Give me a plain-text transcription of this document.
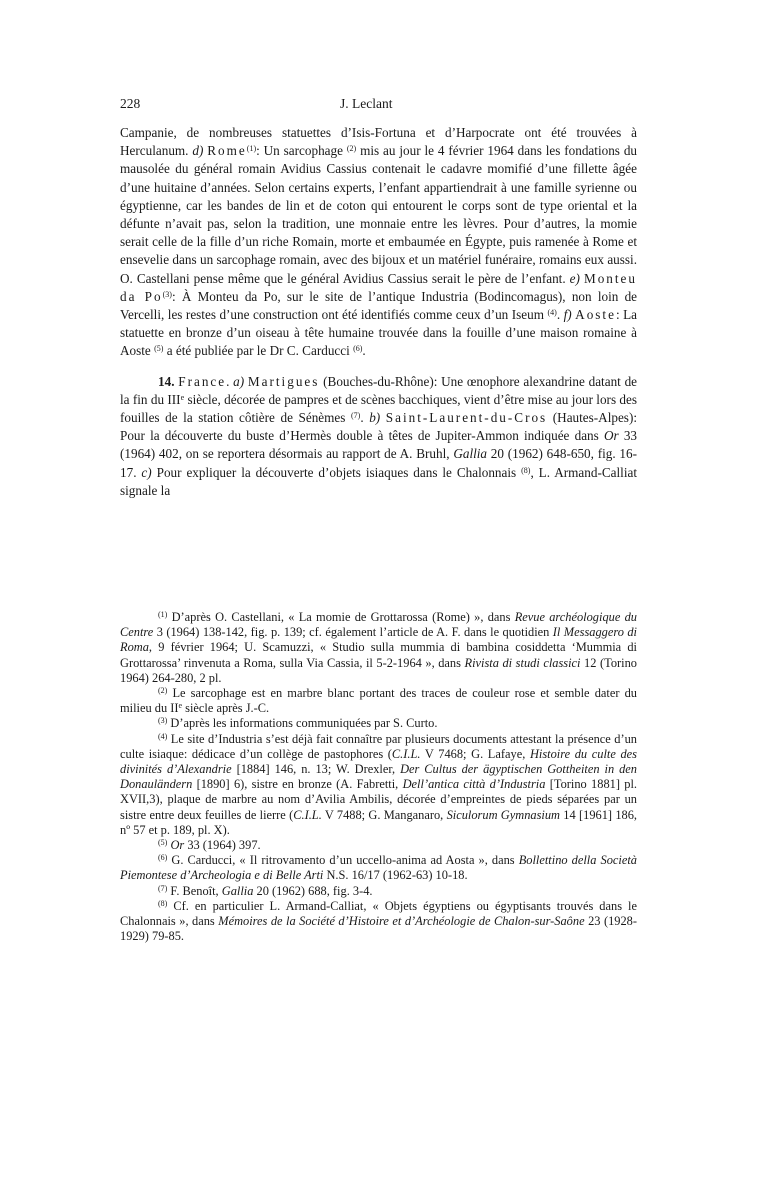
228	J. Leclant

Campanie, de nombreuses statuettes d’Isis-Fortuna et d’Harpocrate ont été trouvées à Herculanum. d) Rome$^{(1)}$: Un sarcophage $^{(2)}$ mis au jour le 4 février 1964 dans les fondations du mausolée du général romain Avidius Cassius contenait le cadavre momifié d’une fillette âgée d’une huitaine d’années. Selon certains experts, l’enfant appartiendrait à une famille syrienne ou égyptienne, car les bandes de lin et de coton qui entourent le corps sont de type oriental et la défunte n’avait pas, selon la tradition, une monnaie entre les lèvres. Pour d’autres, la momie serait celle de la fille d’un riche Romain, morte et embaumée en Égypte, puis ramenée à Rome et ensevelie dans un sarcophage romain, avec des bijoux et un matériel funéraire, romains eux aussi. O. Castellani pense même que le général Avidius Cassius serait le père de l’enfant. e) Monteu da Po$^{(3)}$: À Monteu da Po, sur le site de l’antique Industria (Bodincomagus), non loin de Vercelli, les restes d’une construction ont été identifiés comme ceux d’un Iseum $^{(4)}$. f) Aoste: La statuette en bronze d’un oiseau à tête humaine trouvée dans la fouille d’une maison romaine à Aoste $^{(5)}$ a été publiée par le Dr C. Carducci $^{(6)}$.

14. France. a) Martigues (Bouches-du-Rhône): Une œnophore alexandrine datant de la fin du IIIe siècle, décorée de pampres et de scènes bacchiques, vient d’être mise au jour lors des fouilles de la station côtière de Sénèmes $^{(7)}$. b) Saint-Laurent-du-Cros (Hautes-Alpes): Pour la découverte du buste d’Hermès double à têtes de Jupiter-Ammon indiquée dans Or 33 (1964) 402, on se reportera désormais au rapport de A. Bruhl, Gallia 20 (1962) 648-650, fig. 16-17. c) Pour expliquer la découverte d’objets isiaques dans le Chalonnais $^{(8)}$, L. Armand-Calliat signale la

$^{(1)}$ D’après O. Castellani, « La momie de Grottarossa (Rome) », dans Revue archéologique du Centre 3 (1964) 138-142, fig. p. 139; cf. également l’article de A. F. dans le quotidien Il Messaggero di Roma, 9 février 1964; U. Scamuzzi, « Studio sulla mummia di bambina cosiddetta ‘Mummia di Grottarossa’ rinvenuta a Roma, sulla Via Cassia, il 5-2-1964 », dans Rivista di studi classici 12 (Torino 1964) 264-280, 2 pl.

$^{(2)}$ Le sarcophage est en marbre blanc portant des traces de couleur rose et semble dater du milieu du IIe siècle après J.-C.

$^{(3)}$ D’après les informations communiquées par S. Curto.

$^{(4)}$ Le site d’Industria s’est déjà fait connaître par plusieurs documents attestant la présence d’un culte isiaque: dédicace d’un collège de pastophores (C.I.L. V 7468; G. Lafaye, Histoire du culte des divinités d’Alexandrie [1884] 146, n. 13; W. Drexler, Der Cultus der ägyptischen Gottheiten in den Donauländern [1890] 6), sistre en bronze (A. Fabretti, Dell’antica città d’Industria [Torino 1881] pl. XVII,3), plaque de marbre au nom d’Avilia Ambilis, décorée d’empreintes de pieds séparées par un sistre entre deux feuilles de lierre (C.I.L. V 7488; G. Manganaro, Siculorum Gymnasium 14 [1961] 186, nº 57 et p. 189, pl. X).

$^{(5)}$ Or 33 (1964) 397.

$^{(6)}$ G. Carducci, « Il ritrovamento d’un uccello-anima ad Aosta », dans Bollettino della Società Piemontese d’Archeologia e di Belle Arti N.S. 16/17 (1962-63) 10-18.

$^{(7)}$ F. Benoît, Gallia 20 (1962) 688, fig. 3-4.

$^{(8)}$ Cf. en particulier L. Armand-Calliat, « Objets égyptiens ou égyptisants trouvés dans le Chalonnais », dans Mémoires de la Société d’Histoire et d’Archéologie de Chalon-sur-Saône 23 (1928-1929) 79-85.
